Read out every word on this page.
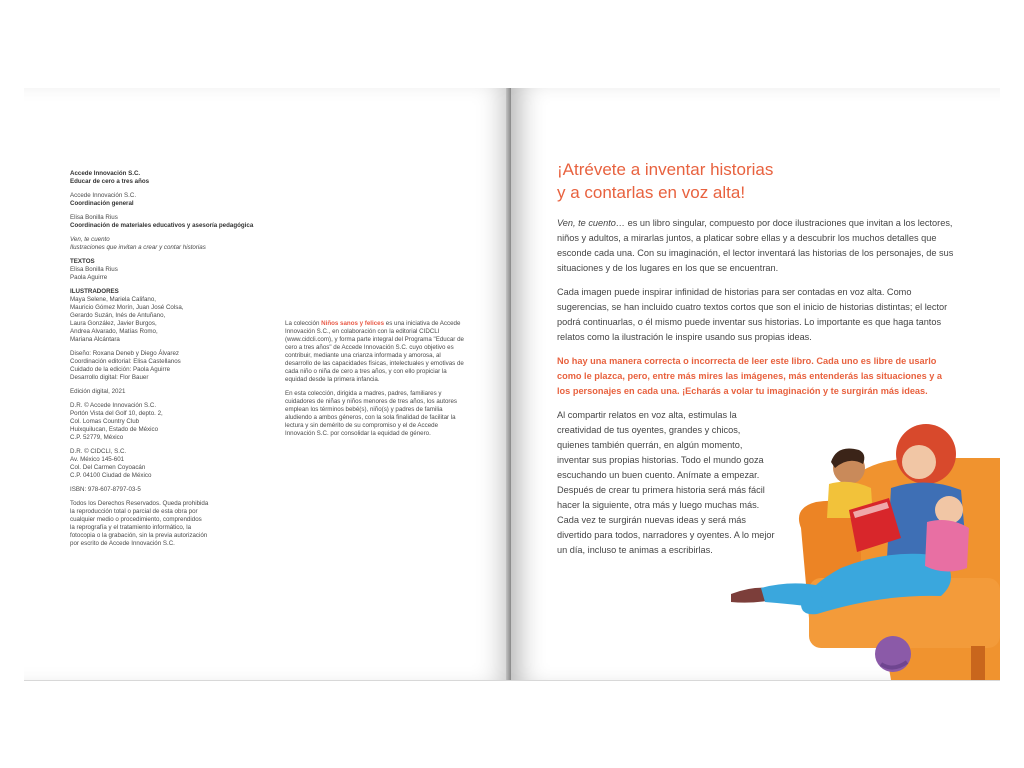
Accede Innovación S.C.
Educar de cero a tres años
Accede Innovación S.C.
Coordinación general
Elisa Bonilla Rius
Coordinación de materiales educativos y asesoría pedagógica
Ven, te cuento
Ilustraciones que invitan a crear y contar historias
TEXTOS
Elisa Bonilla Rius
Paola Aguirre
ILUSTRADORES
Maya Selene, Mariela Califano,
Mauricio Gómez Morín, Juan José Colsa,
Gerardo Suzán, Inés de Antuñano,
Laura González, Javier Burgos,
Andrea Alvarado, Matías Romo,
Mariana Alcántara
Diseño: Roxana Deneb y Diego Álvarez
Coordinación editorial: Elisa Castellanos
Cuidado de la edición: Paola Aguirre
Desarrollo digital: Flor Bauer
Edición digital, 2021
D.R. © Accede Innovación S.C.
Portón Vista del Golf 10, depto. 2,
Col. Lomas Country Club
Huixquilucan, Estado de México
C.P. 52779, México
D.R. © CIDCLI, S.C.
Av. México 145-601
Col. Del Carmen Coyoacán
C.P. 04100 Ciudad de México
ISBN: 978-607-8797-03-5
Todos los Derechos Reservados. Queda prohibida
la reproducción total o parcial de esta obra por
cualquier medio o procedimiento, comprendidos
la reprografía y el tratamiento informático, la
fotocopia o la grabación, sin la previa autorización
por escrito de Accede Innovación S.C.

La colección Niños sanos y felices es una iniciativa de Accede Innovación S.C., en colaboración con la editorial CIDCLI (www.cidcli.com), y forma parte integral del Programa "Educar de cero a tres años" de Accede Innovación S.C. cuyo objetivo es contribuir, mediante una crianza informada y amorosa, al desarrollo de las capacidades físicas, intelectuales y emotivas de cada niño o niña de cero a tres años, y con ello propiciar la equidad desde la primera infancia.

En esta colección, dirigida a madres, padres, familiares y cuidadores de niñas y niños menores de tres años, los autores emplean los términos bebé(s), niño(s) y padres de familia aludiendo a ambos géneros, con la sola finalidad de facilitar la lectura y sin demérito de su compromiso y el de Accede Innovación S.C. por consolidar la equidad de género.

¡Atrévete a inventar historias
y a contarlas en voz alta!

Ven, te cuento… es un libro singular, compuesto por doce ilustraciones que invitan a los lectores, niños y adultos, a mirarlas juntos, a platicar sobre ellas y a descubrir los muchos detalles que esconde cada una. Con su imaginación, el lector inventará las historias de los personajes, de sus situaciones y de los lugares en los que se encuentran.

Cada imagen puede inspirar infinidad de historias para ser contadas en voz alta. Como sugerencias, se han incluido cuatro textos cortos que son el inicio de historias distintas; el lector podrá continuarlas, o él mismo puede inventar sus historias. Lo importante es que haga tantos relatos como la ilustración le inspire usando sus propias ideas.

No hay una manera correcta o incorrecta de leer este libro. Cada uno es libre de usarlo como le plazca, pero, entre más mires las imágenes, más entenderás las situaciones y a los personajes en cada una. ¡Echarás a volar tu imaginación y te surgirán más ideas.

Al compartir relatos en voz alta, estimulas la creatividad de tus oyentes, grandes y chicos, quienes también querrán, en algún momento, inventar sus propias historias. Todo el mundo goza escuchando un buen cuento. Anímate a empezar. Después de crear tu primera historia será más fácil hacer la siguiente, otra más y luego muchas más. Cada vez te surgirán nuevas ideas y será más divertido para todos, narradores y oyentes. A lo mejor un día, incluso te animas a escribirlas.
